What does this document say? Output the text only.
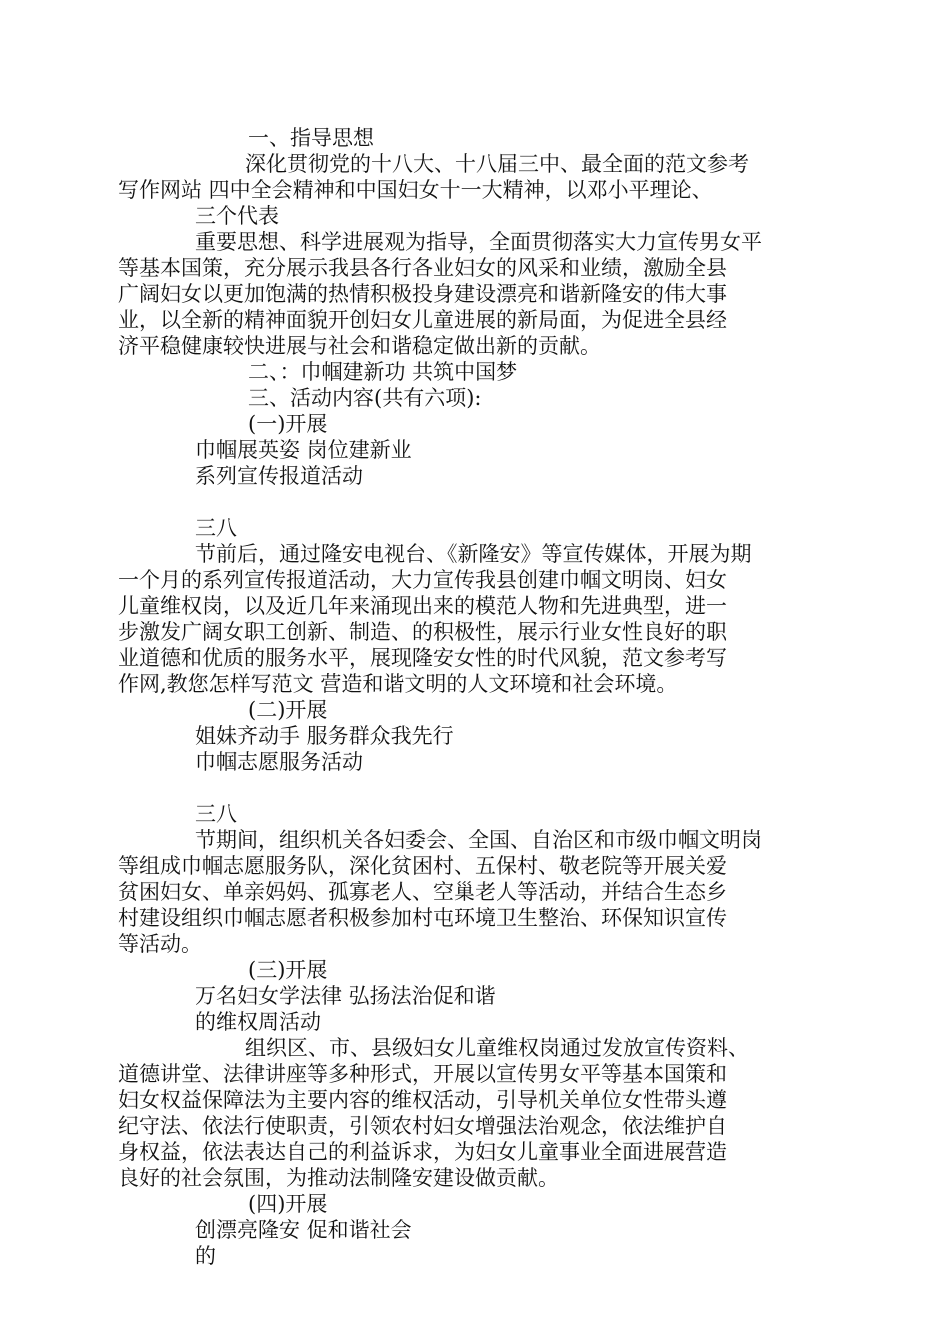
一、指导思想
深化贯彻党的十八大、十八届三中、最全面的范文参考
写作网站 四中全会精神和中国妇女十一大精神，以邓小平理论、
三个代表
重要思想、科学进展观为指导，全面贯彻落实大力宣传男女平
等基本国策，充分展示我县各行各业妇女的风采和业绩，激励全县
广阔妇女以更加饱满的热情积极投身建设漂亮和谐新隆安的伟大事
业，以全新的精神面貌开创妇女儿童进展的新局面，为促进全县经
济平稳健康较快进展与社会和谐稳定做出新的贡献。
二、：巾帼建新功 共筑中国梦
三、活动内容(共有六项):
(一)开展
巾帼展英姿 岗位建新业
系列宣传报道活动
三八
节前后，通过隆安电视台、《新隆安》等宣传媒体，开展为期
一个月的系列宣传报道活动，大力宣传我县创建巾帼文明岗、妇女
儿童维权岗，以及近几年来涌现出来的模范人物和先进典型，进一
步激发广阔女职工创新、制造、的积极性，展示行业女性良好的职
业道德和优质的服务水平，展现隆安女性的时代风貌，范文参考写
作网,教您怎样写范文 营造和谐文明的人文环境和社会环境。
(二)开展
姐妹齐动手 服务群众我先行
巾帼志愿服务活动
三八
节期间，组织机关各妇委会、全国、自治区和市级巾帼文明岗
等组成巾帼志愿服务队，深化贫困村、五保村、敬老院等开展关爱
贫困妇女、单亲妈妈、孤寡老人、空巢老人等活动，并结合生态乡
村建设组织巾帼志愿者积极参加村屯环境卫生整治、环保知识宣传
等活动。
(三)开展
万名妇女学法律 弘扬法治促和谐
的维权周活动
组织区、市、县级妇女儿童维权岗通过发放宣传资料、
道德讲堂、法律讲座等多种形式，开展以宣传男女平等基本国策和
妇女权益保障法为主要内容的维权活动，引导机关单位女性带头遵
纪守法、依法行使职责，引领农村妇女增强法治观念，依法维护自
身权益，依法表达自己的利益诉求，为妇女儿童事业全面进展营造
良好的社会氛围，为推动法制隆安建设做贡献。
(四)开展
创漂亮隆安 促和谐社会
的
